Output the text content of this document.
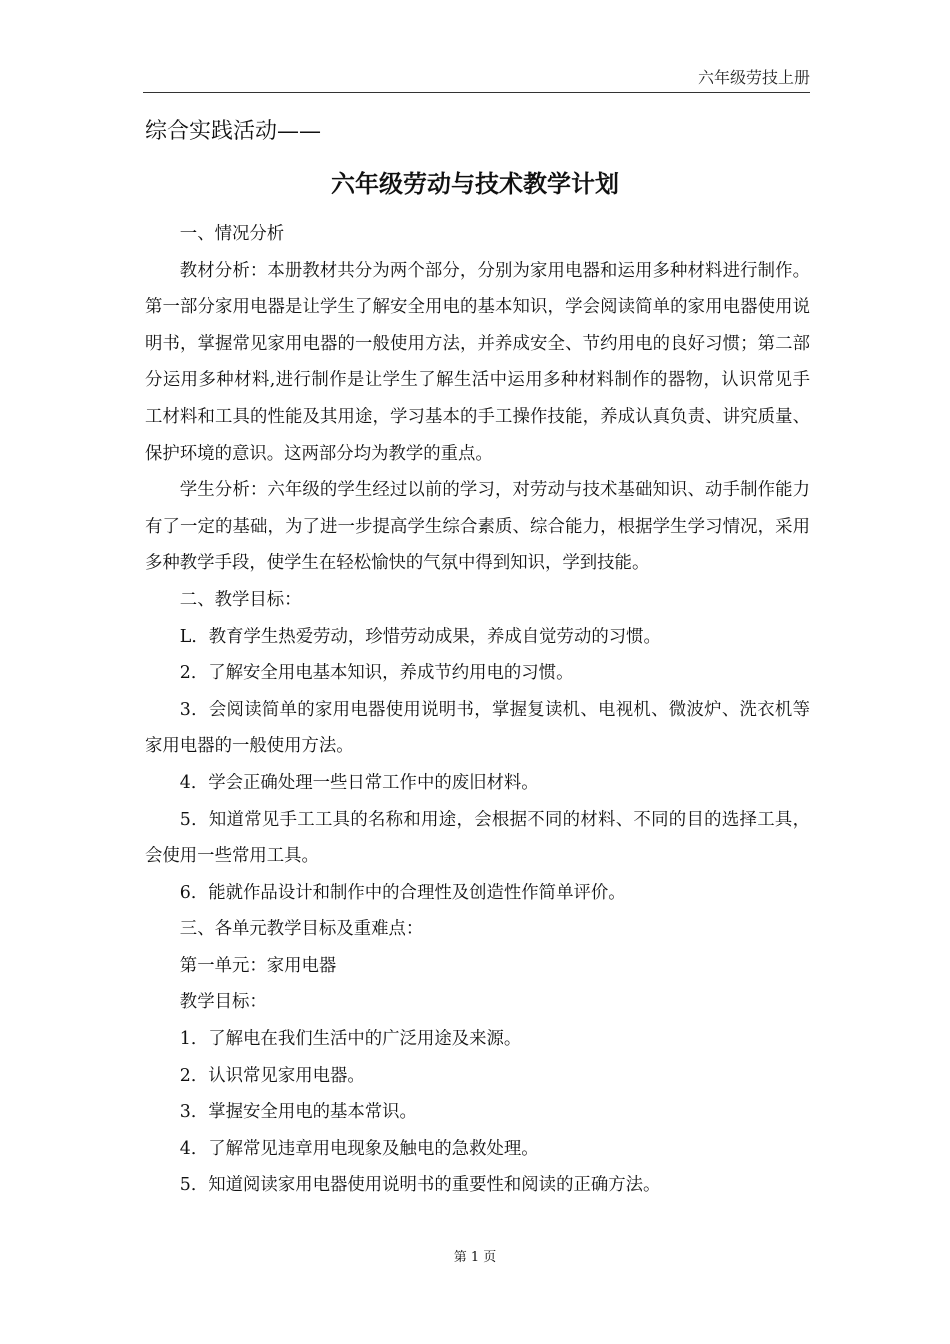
六年级劳技上册
综合实践活动——
六年级劳动与技术教学计划

一、情况分析

教材分析：本册教材共分为两个部分，分别为家用电器和运用多种材料进行制作。第一部分家用电器是让学生了解安全用电的基本知识，学会阅读简单的家用电器使用说明书，掌握常见家用电器的一般使用方法，并养成安全、节约用电的良好习惯；第二部分运用多种材料,进行制作是让学生了解生活中运用多种材料制作的器物，认识常见手工材料和工具的性能及其用途，学习基本的手工操作技能，养成认真负责、讲究质量、保护环境的意识。这两部分均为教学的重点。

学生分析：六年级的学生经过以前的学习，对劳动与技术基础知识、动手制作能力有了一定的基础，为了进一步提高学生综合素质、综合能力，根据学生学习情况，采用多种教学手段，使学生在轻松愉快的气氛中得到知识，学到技能。

二、教学目标：

L．教育学生热爱劳动，珍惜劳动成果，养成自觉劳动的习惯。

2．了解安全用电基本知识，养成节约用电的习惯。

3．会阅读简单的家用电器使用说明书，掌握复读机、电视机、微波炉、洗衣机等家用电器的一般使用方法。

4．学会正确处理一些日常工作中的废旧材料。

5．知道常见手工工具的名称和用途，会根据不同的材料、不同的目的选择工具，会使用一些常用工具。

6．能就作品设计和制作中的合理性及创造性作简单评价。

三、各单元教学目标及重难点：

第一单元：家用电器

教学目标：

1．了解电在我们生活中的广泛用途及来源。

2．认识常见家用电器。

3．掌握安全用电的基本常识。

4．了解常见违章用电现象及触电的急救处理。

5．知道阅读家用电器使用说明书的重要性和阅读的正确方法。

第 1 页
